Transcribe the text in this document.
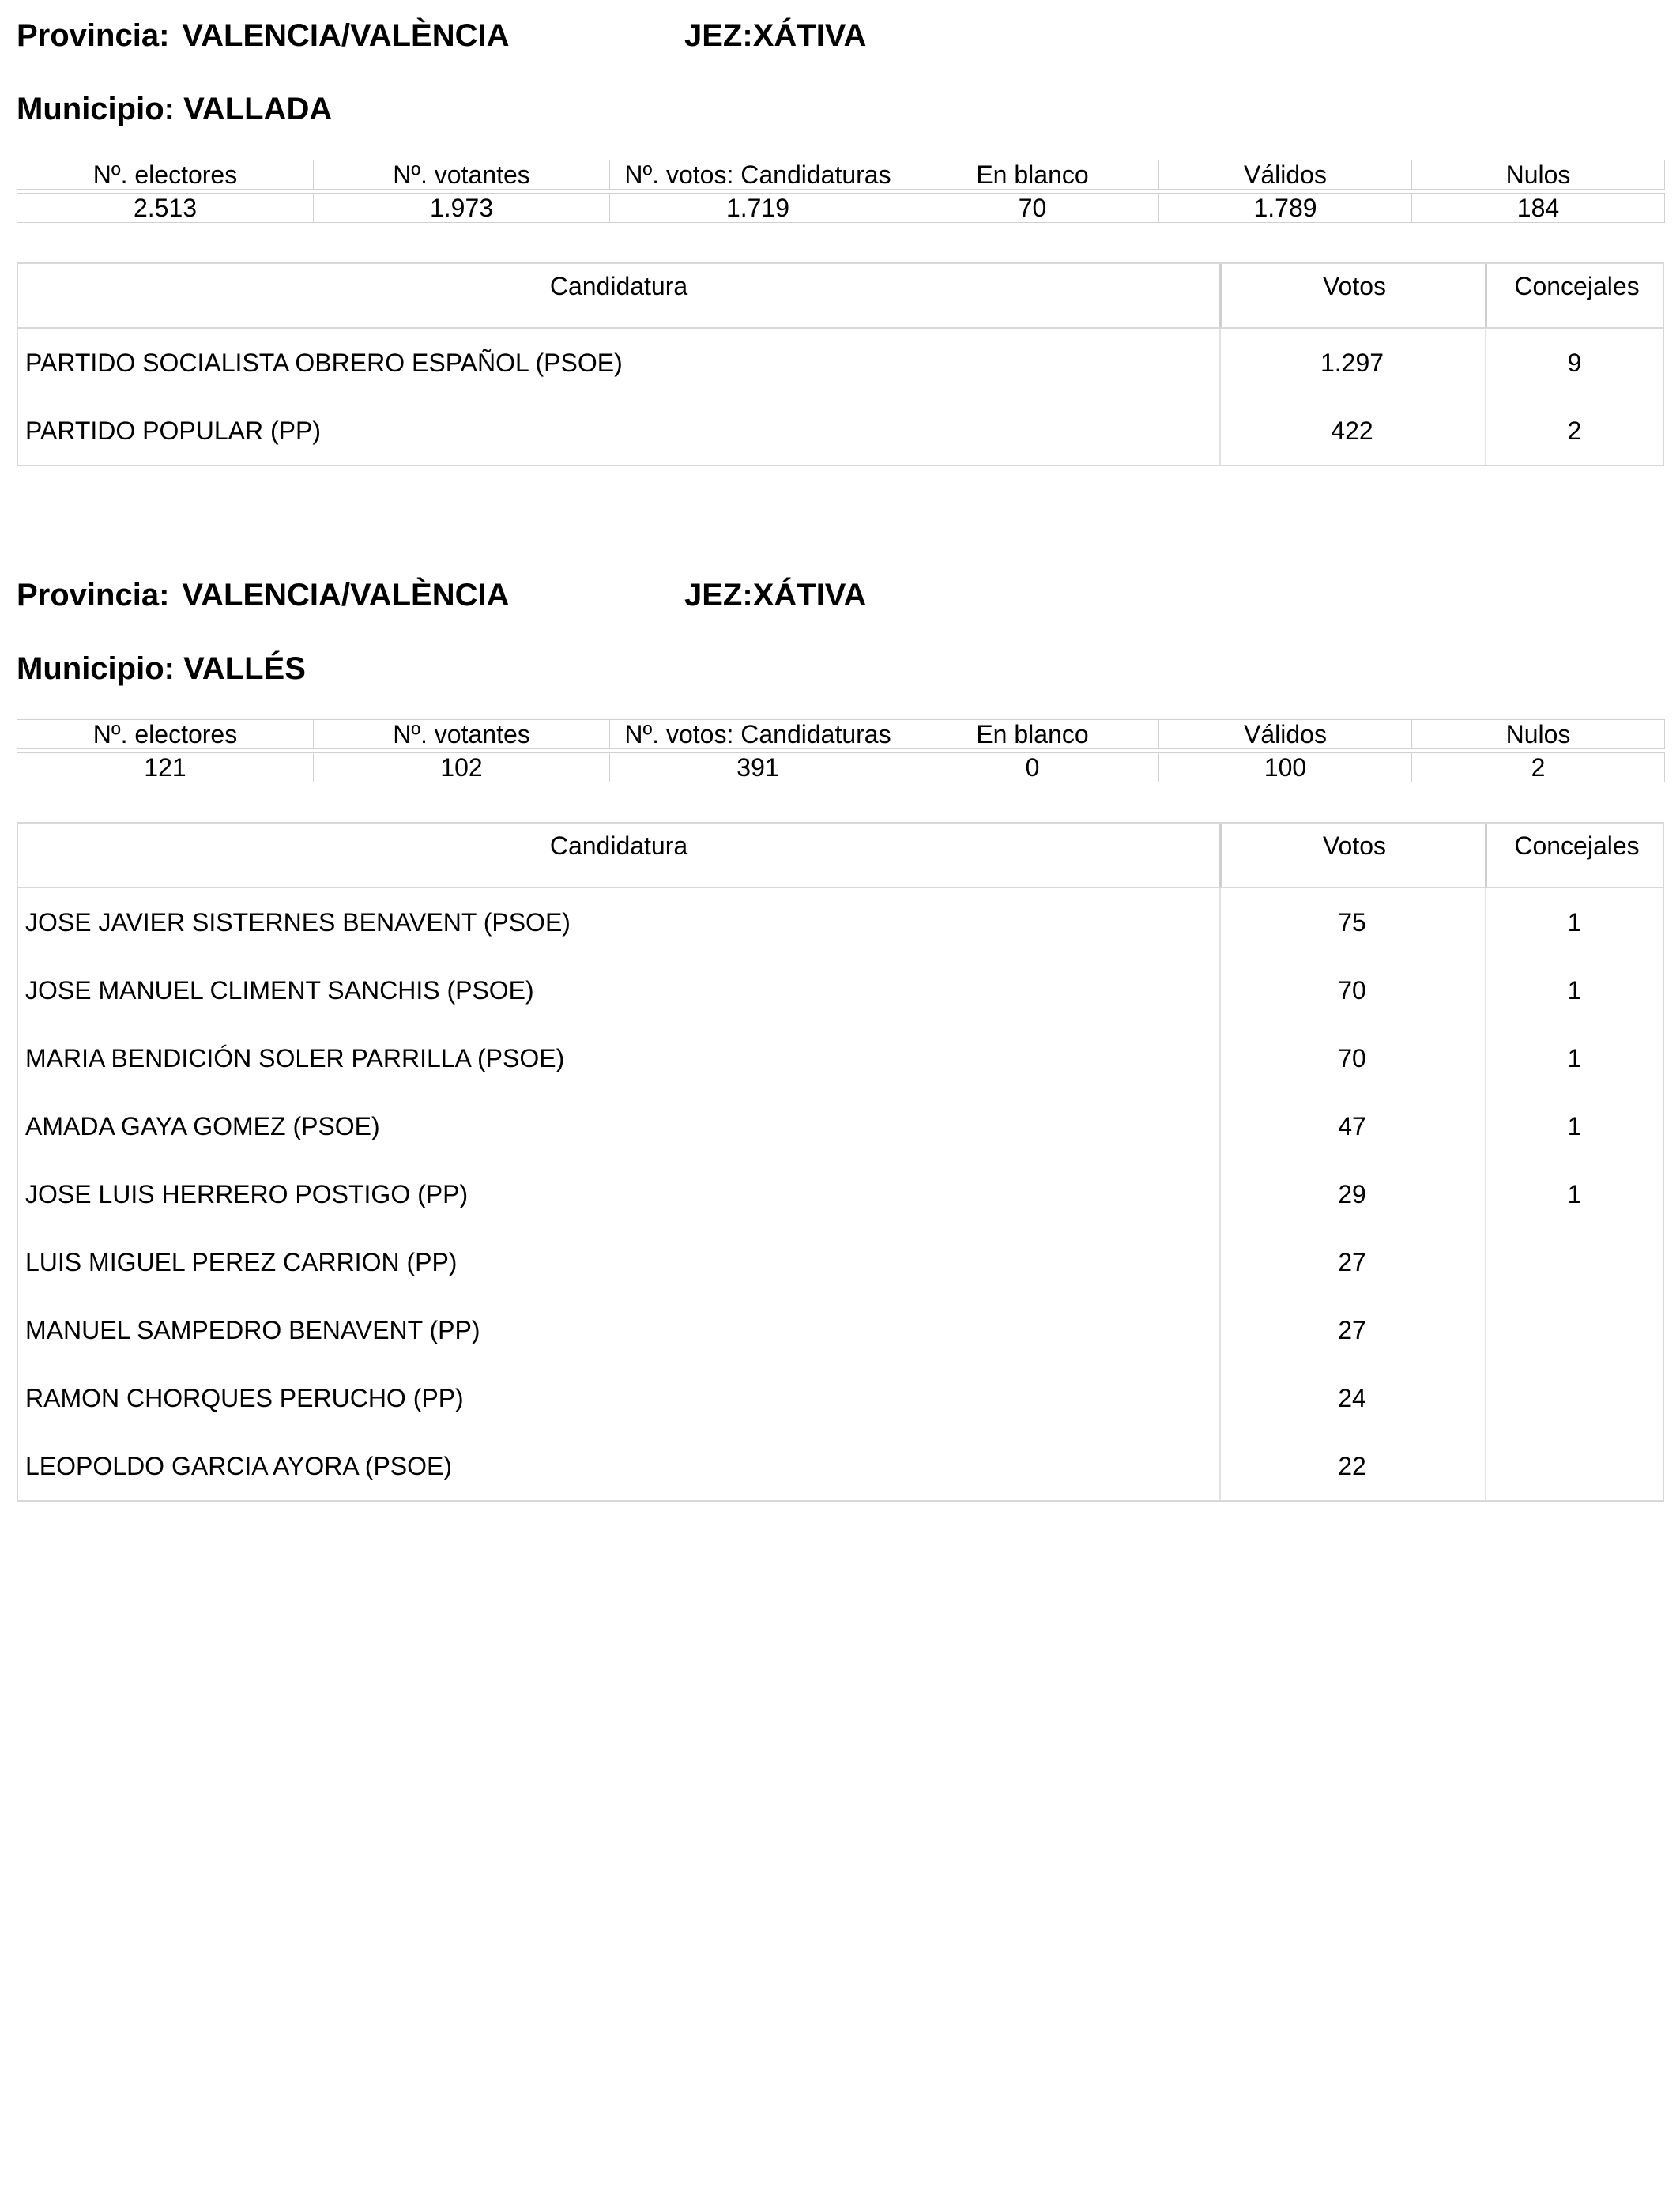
Provincia: VALENCIA/VALÈNCIA	JEZ:XÁTIVA
Municipio: VALLADA
Nº. electores	Nº. votantes	Nº. votos: Candidaturas	En blanco	Válidos	Nulos

2.513	1.973	1.719	70	1.789	184
Candidatura	Votos	Concejales
PARTIDO SOCIALISTA OBRERO ESPAÑOL (PSOE)	1.297	9
PARTIDO POPULAR (PP)	422	2
Provincia: VALENCIA/VALÈNCIA	JEZ:XÁTIVA
Municipio: VALLÉS
Nº. electores	Nº. votantes	Nº. votos: Candidaturas	En blanco	Válidos	Nulos

121	102	391	0	100	2
Candidatura	Votos	Concejales
JOSE JAVIER SISTERNES BENAVENT (PSOE)	75	1
JOSE MANUEL CLIMENT SANCHIS (PSOE)	70	1
MARIA BENDICIÓN SOLER PARRILLA (PSOE)	70	1
AMADA GAYA GOMEZ (PSOE)	47	1
JOSE LUIS HERRERO POSTIGO (PP)	29	1
LUIS MIGUEL PEREZ CARRION (PP)	27
MANUEL SAMPEDRO BENAVENT (PP)	27
RAMON CHORQUES PERUCHO (PP)	24
LEOPOLDO GARCIA AYORA (PSOE)	22
